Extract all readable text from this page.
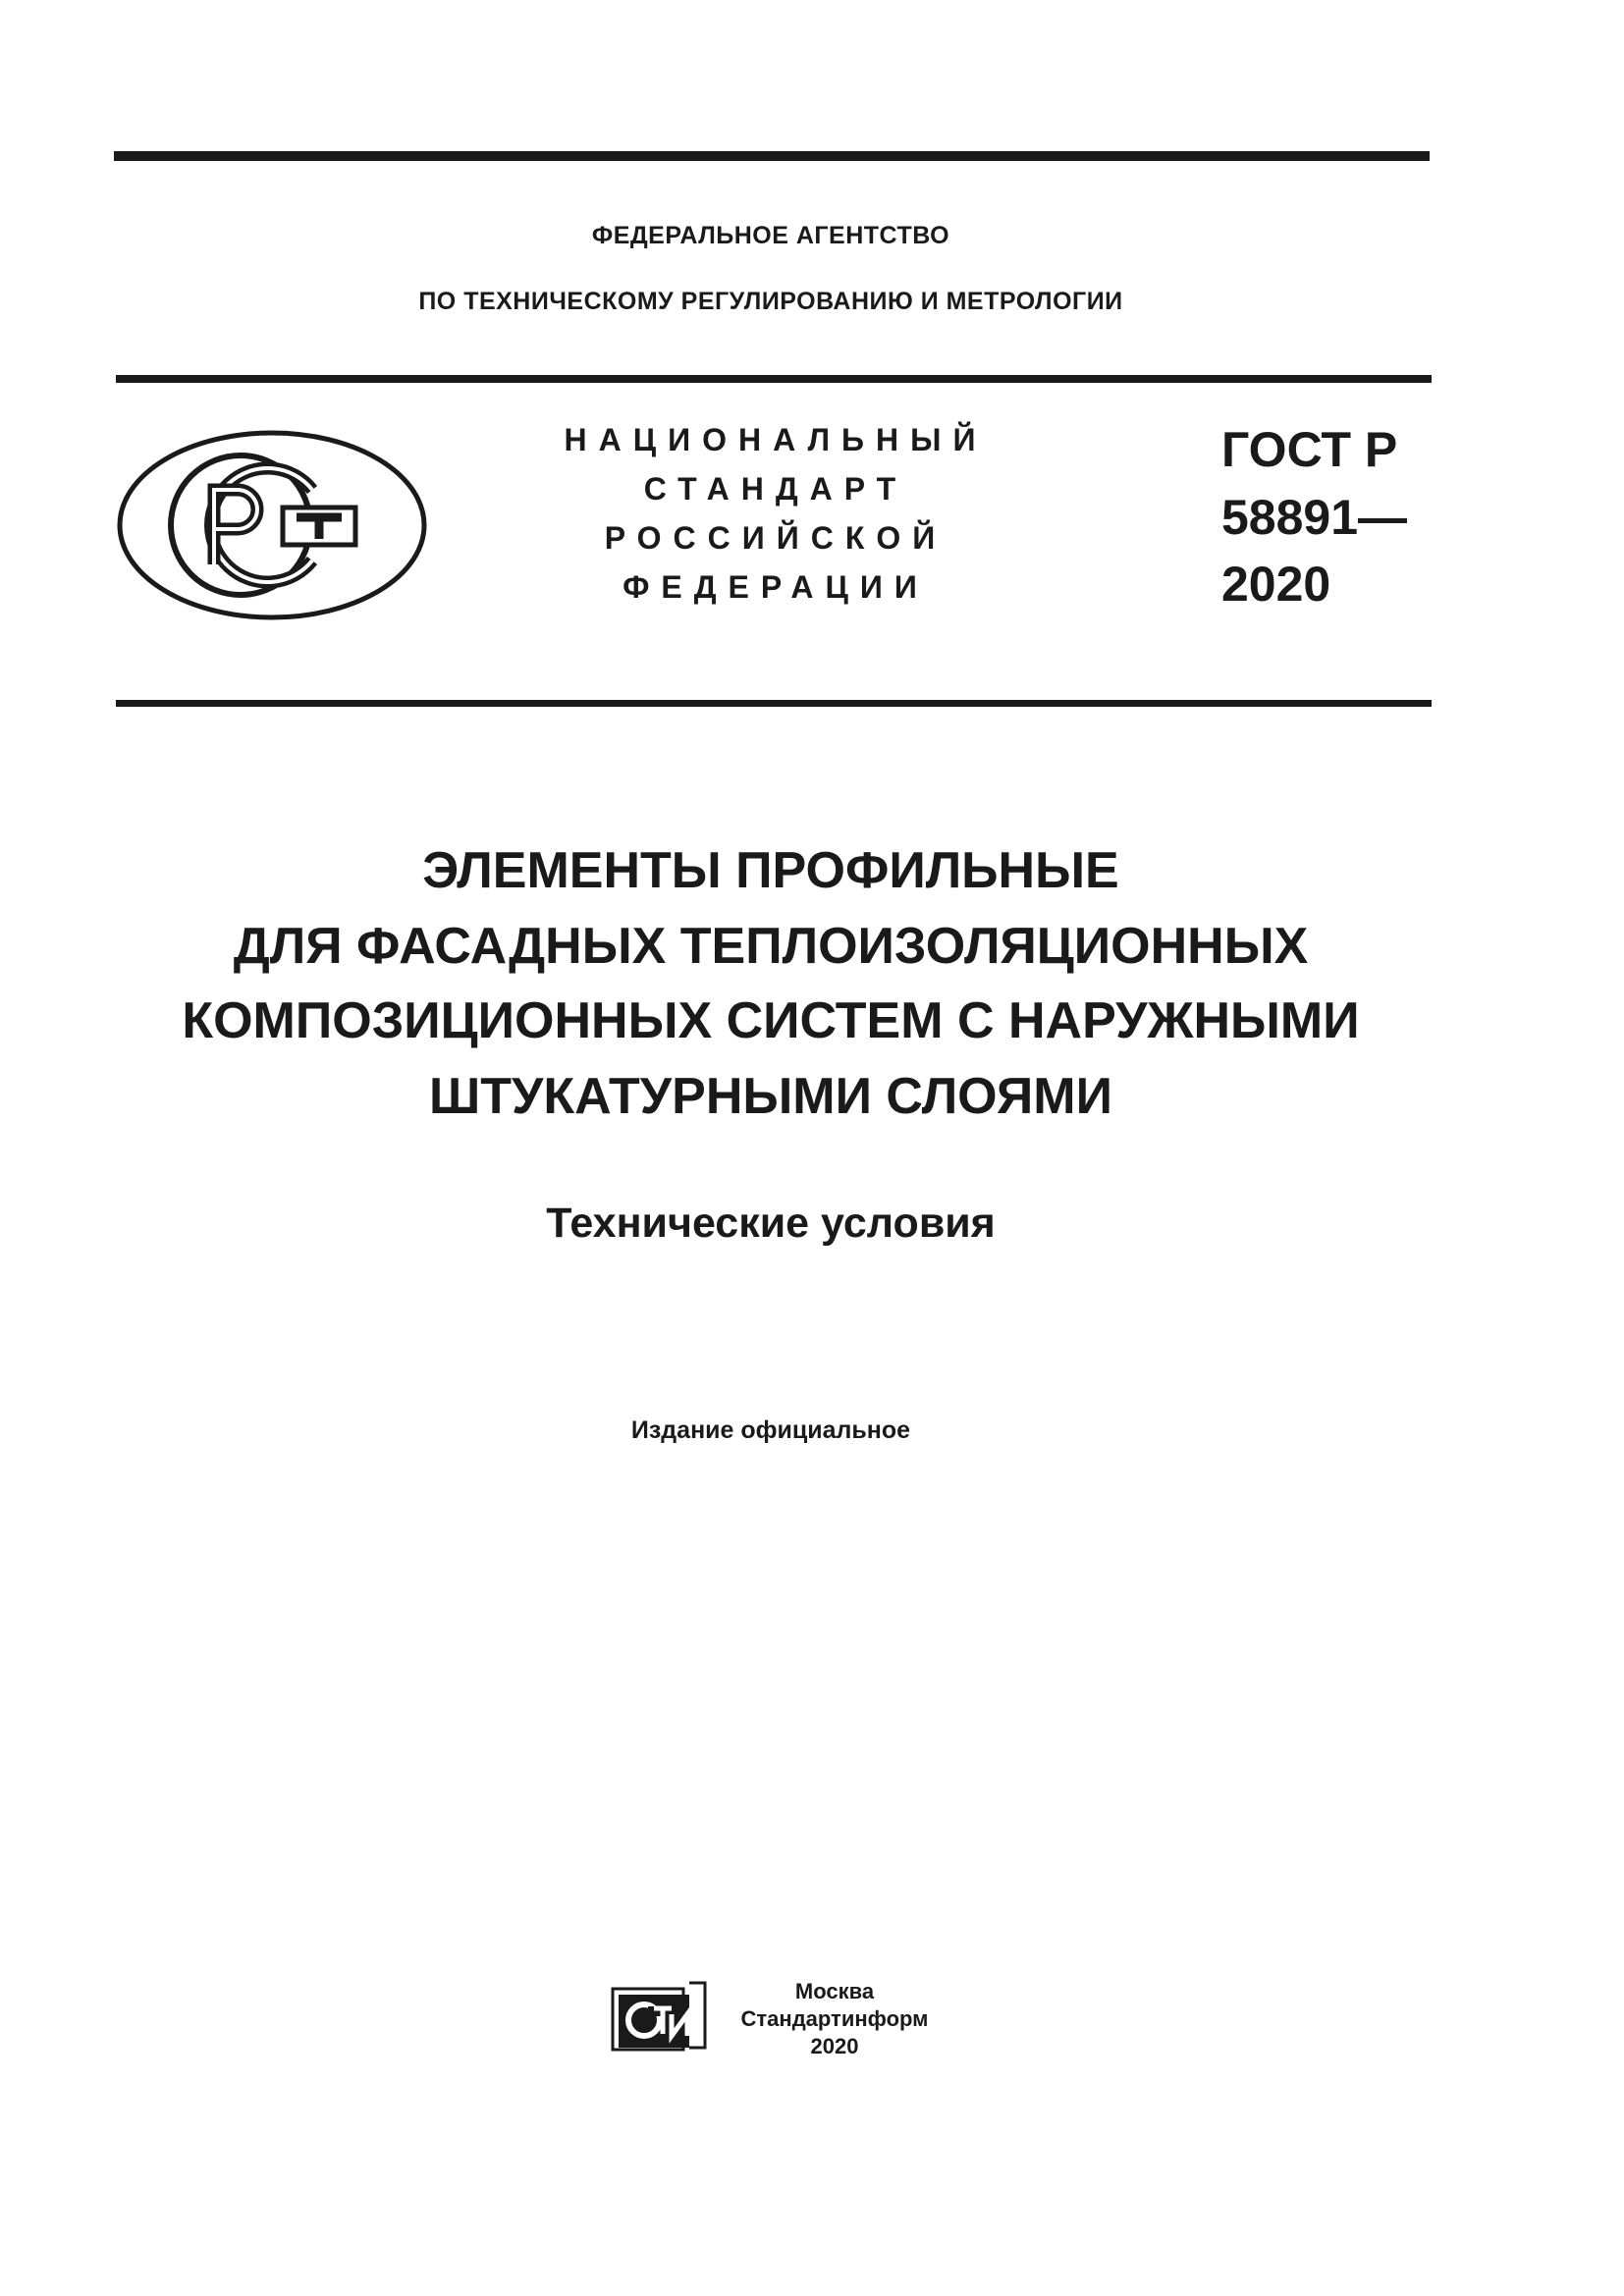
ФЕДЕРАЛЬНОЕ АГЕНТСТВО
ПО ТЕХНИЧЕСКОМУ РЕГУЛИРОВАНИЮ И МЕТРОЛОГИИ
НАЦИОНАЛЬНЫЙ
СТАНДАРТ
РОССИЙСКОЙ
ФЕДЕРАЦИИ
ГОСТ Р
58891—
2020
ЭЛЕМЕНТЫ ПРОФИЛЬНЫЕ
ДЛЯ ФАСАДНЫХ ТЕПЛОИЗОЛЯЦИОННЫХ
КОМПОЗИЦИОННЫХ СИСТЕМ С НАРУЖНЫМИ
ШТУКАТУРНЫМИ СЛОЯМИ
Технические условия
Издание официальное
Москва
Стандартинформ
2020
